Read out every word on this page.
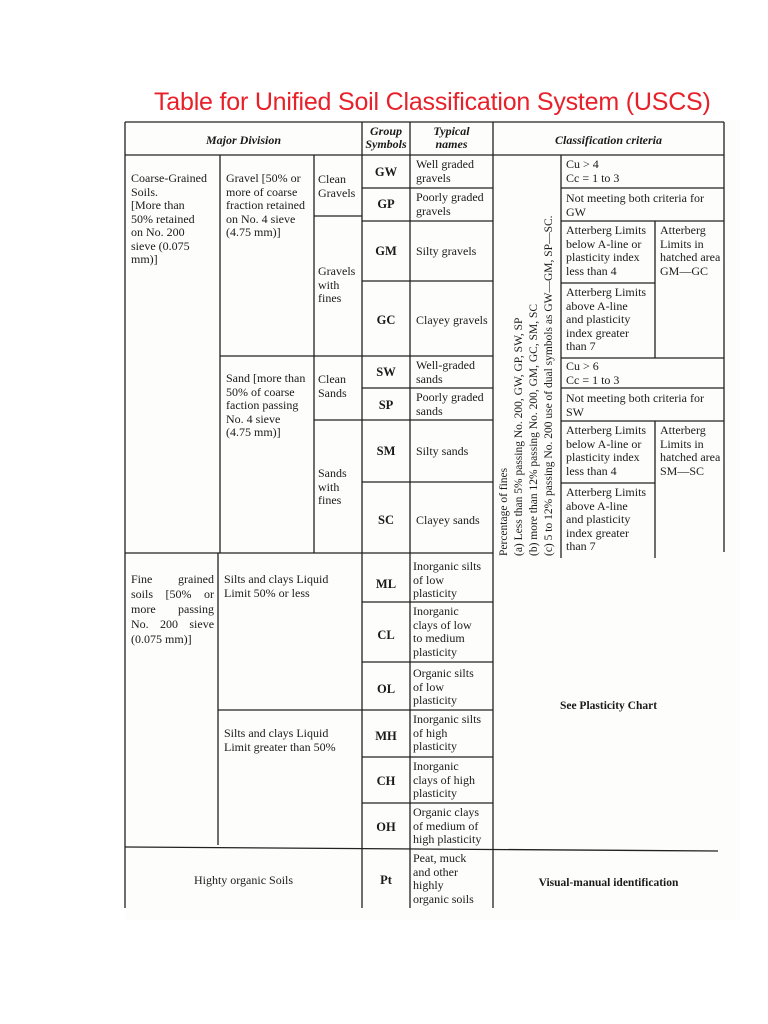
Table for Unified Soil Classification System (USCS)
Major Division
Group
Symbols
Typical
names	Classification criteria
Coarse-Grained
Soils.
[More than
50% retained
on No. 200
sieve (0.075
mm)]
Gravel [50% or
more of coarse
fraction retained
on No. 4 sieve
(4.75 mm)]
Clean
Gravels
Gravels
with
fines
Sand [more than
50% of coarse
faction passing
No. 4 sieve
(4.75 mm)]
Clean
Sands
Sands
with
fines
GW
GP
GM
GC
SW
SP
SM
SC
ML
CL
OL
MH
CH
OH
Pt
Well graded
gravels
Poorly graded
gravels
Silty gravels
Clayey gravels
Well-graded
sands
Poorly graded
sands
Silty sands
Clayey sands
Inorganic silts
of low
plasticity
Inorganic
clays of low
to medium
plasticity
Organic silts
of low
plasticity
Inorganic silts
of high
plasticity
Inorganic
clays of high
plasticity
Organic clays
of medium of
high plasticity
Peat, muck
and other
highly
organic soils
Percentage of fines (a) Less than 5% passing No. 200, GW, GP, SW, SP (b) more than 12% passing No. 200, GM, GC, SM, SC (c) 5 to 12% passing No. 200 use of dual symbols as GW—GM, SP—SC.
Cu > 4
Cc = 1 to 3
Not meeting both criteria for
GW
Atterberg Limits
below A-line or
plasticity index
less than 4
Atterberg Limits
above A-line
and plasticity
index greater
than 7
Atterberg
Limits in
hatched area
GM—GC
Cu > 6
Cc = 1 to 3
Not meeting both criteria for
SW
Atterberg Limits
below A-line or
plasticity index
less than 4
Atterberg Limits
above A-line
and plasticity
index greater
than 7
Atterberg
Limits in
hatched area
SM—SC
Fine grained soils [50% or more passing No. 200 sieve (0.075 mm)]
Silts and clays Liquid
Limit 50% or less
Silts and clays Liquid
Limit greater than 50%
See Plasticity Chart
Highty organic Soils	Visual-manual identification
